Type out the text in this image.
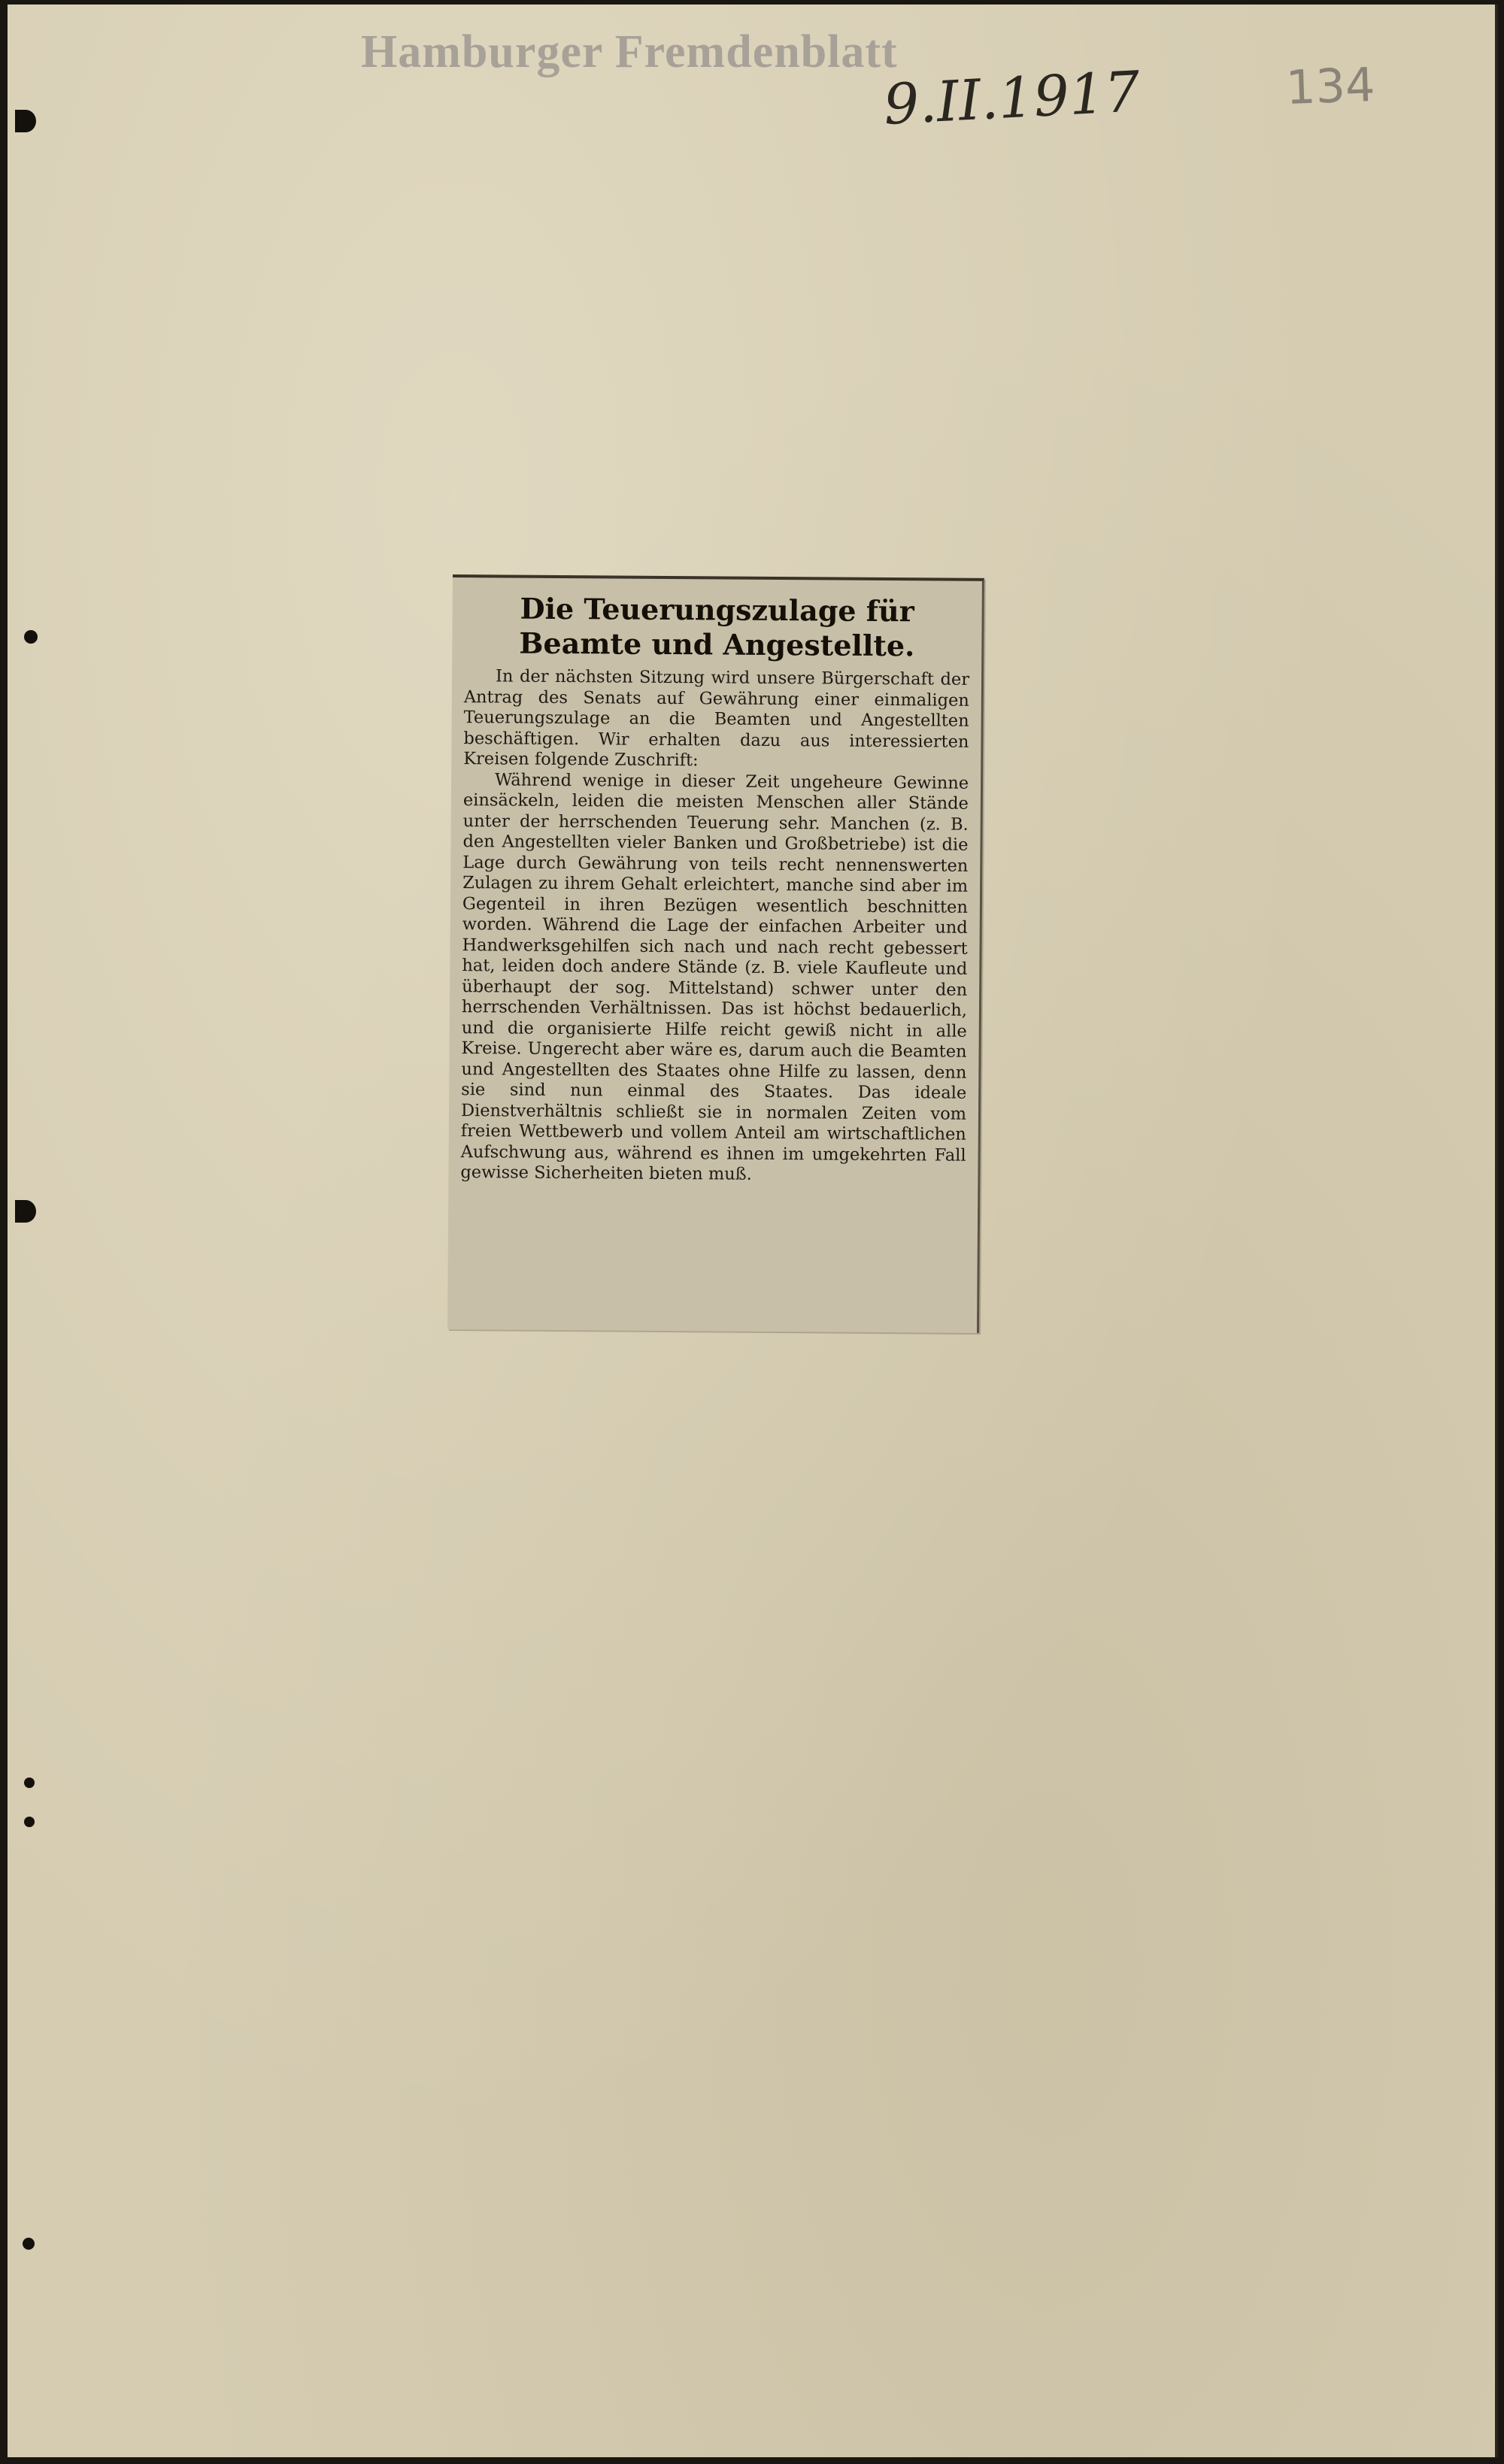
Hamburger Fremdenblatt
9.II.1917	134
Die Teuerungszulage für Beamte und Angestellte.

In der nächsten Sitzung wird unsere Bürgerschaft der Antrag des Senats auf Gewährung einer einmaligen Teuerungszulage an die Beamten und Angestellten beschäftigen. Wir erhalten dazu aus interessierten Kreisen folgende Zuschrift:

Während wenige in dieser Zeit ungeheure Gewinne einsäckeln, leiden die meisten Menschen aller Stände unter der herrschenden Teuerung sehr. Manchen (z. B. den Angestellten vieler Banken und Großbetriebe) ist die Lage durch Gewährung von teils recht nennenswerten Zulagen zu ihrem Gehalt erleichtert, manche sind aber im Gegenteil in ihren Bezügen wesentlich beschnitten worden. Während die Lage der einfachen Arbeiter und Handwerksgehilfen sich nach und nach recht gebessert hat, leiden doch andere Stände (z. B. viele Kaufleute und überhaupt der sog. Mittelstand) schwer unter den herrschenden Verhältnissen. Das ist höchst bedauerlich, und die organisierte Hilfe reicht gewiß nicht in alle Kreise. Ungerecht aber wäre es, darum auch die Beamten und Angestellten des Staates ohne Hilfe zu lassen, denn sie sind nun einmal des Staates. Das ideale Dienstverhältnis schließt sie in normalen Zeiten vom freien Wettbewerb und vollem Anteil am wirtschaftlichen Aufschwung aus, während es ihnen im umgekehrten Fall gewisse Sicherheiten bieten muß.
